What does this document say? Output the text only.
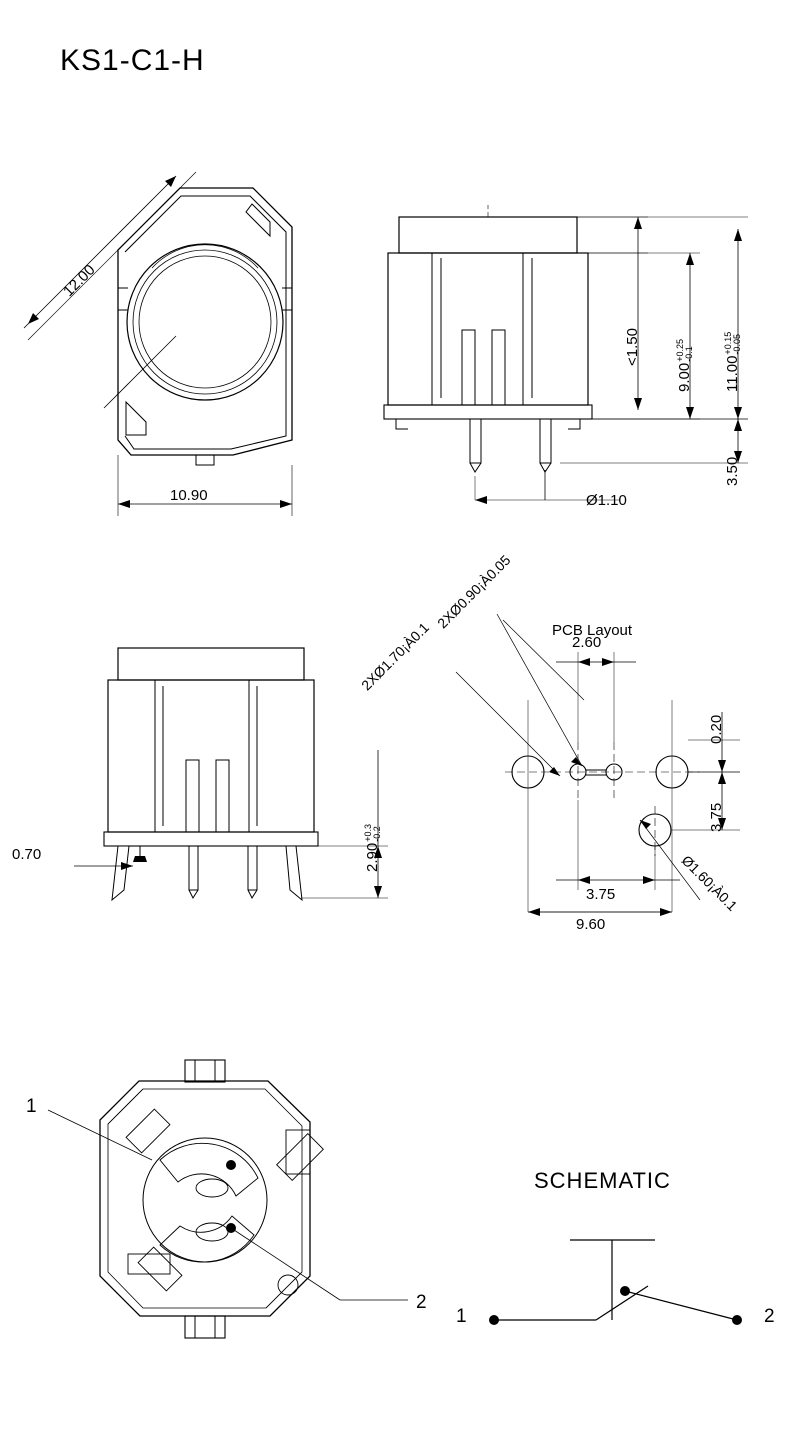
KS1-C1-H
12.00
10.90
<1.50
9.00
+0.25 -0.1
11.00
+0.15 -0.05
3.50
Ø1.10
0.70	2.90
+0.3 -0.2
PCB Layout
2XØ0.90¡À0.05
2XØ1.70¡À0.1
Ø1.60¡À0.1
2.60
0.20
3.75
3.75
9.60
1
2
SCHEMATIC
1	2
